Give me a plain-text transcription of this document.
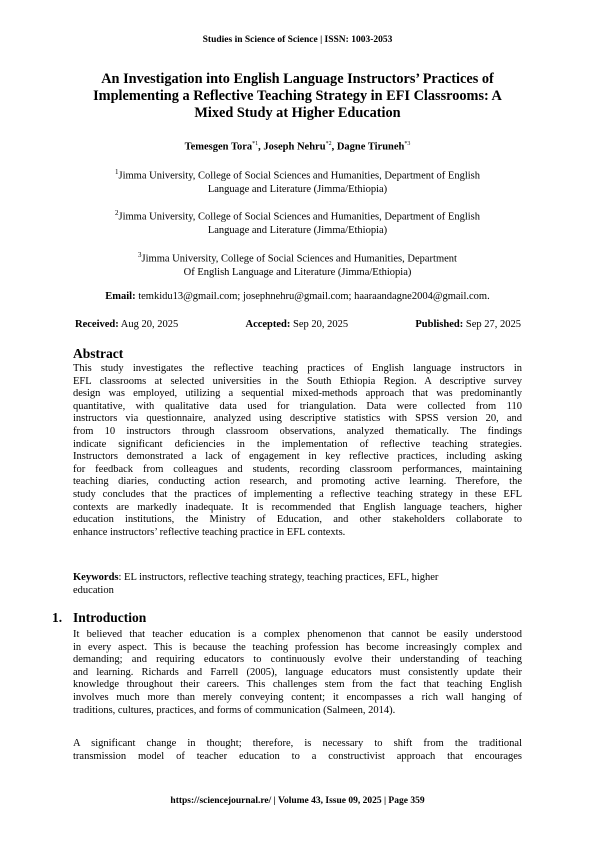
Studies in Science of Science | ISSN: 1003-2053
An Investigation into English Language Instructors’ Practices of
Implementing a Reflective Teaching Strategy in EFI Classrooms: A
Mixed Study at Higher Education
Temesgen Tora$^{*1}$, Joseph Nehru$^{*2}$, Dagne Tiruneh$^{*3}$
$^1$Jimma University, College of Social Sciences and Humanities, Department of English
Language and Literature (Jimma/Ethiopia)
$^2$Jimma University, College of Social Sciences and Humanities, Department of English
Language and Literature (Jimma/Ethiopia)
$^3$Jimma University, College of Social Sciences and Humanities, Department
Of English Language and Literature (Jimma/Ethiopia)
Email: temkidu13@gmail.com; josephnehru@gmail.com; haaraandagne2004@gmail.com.
Received: Aug 20, 2025	Accepted: Sep 20, 2025	Published: Sep 27, 2025
Abstract
This study investigates the reflective teaching practices of English language instructors in
EFL classrooms at selected universities in the South Ethiopia Region. A descriptive survey
design was employed, utilizing a sequential mixed-methods approach that was predominantly
quantitative, with qualitative data used for triangulation. Data were collected from 110
instructors via questionnaire, analyzed using descriptive statistics with SPSS version 20, and
from 10 instructors through classroom observations, analyzed thematically. The findings
indicate significant deficiencies in the implementation of reflective teaching strategies.
Instructors demonstrated a lack of engagement in key reflective practices, including asking
for feedback from colleagues and students, recording classroom performances, maintaining
teaching diaries, conducting action research, and promoting active learning. Therefore, the
study concludes that the practices of implementing a reflective teaching strategy in these EFL
contexts are markedly inadequate. It is recommended that English language teachers, higher
education institutions, the Ministry of Education, and other stakeholders collaborate to
enhance instructors’ reflective teaching practice in EFL contexts.
Keywords: EL instructors, reflective teaching strategy, teaching practices, EFL, higher
education
1. Introduction
It believed that teacher education is a complex phenomenon that cannot be easily understood
in every aspect. This is because the teaching profession has become increasingly complex and
demanding; and requiring educators to continuously evolve their understanding of teaching
and learning. Richards and Farrell (2005), language educators must consistently update their
knowledge throughout their careers. This challenges stem from the fact that teaching English
involves much more than merely conveying content; it encompasses a rich wall hanging of
traditions, cultures, practices, and forms of communication (Salmeen, 2014).
A significant change in thought; therefore, is necessary to shift from the traditional
transmission model of teacher education to a constructivist approach that encourages
https://sciencejournal.re/ | Volume 43, Issue 09, 2025 | Page 359
